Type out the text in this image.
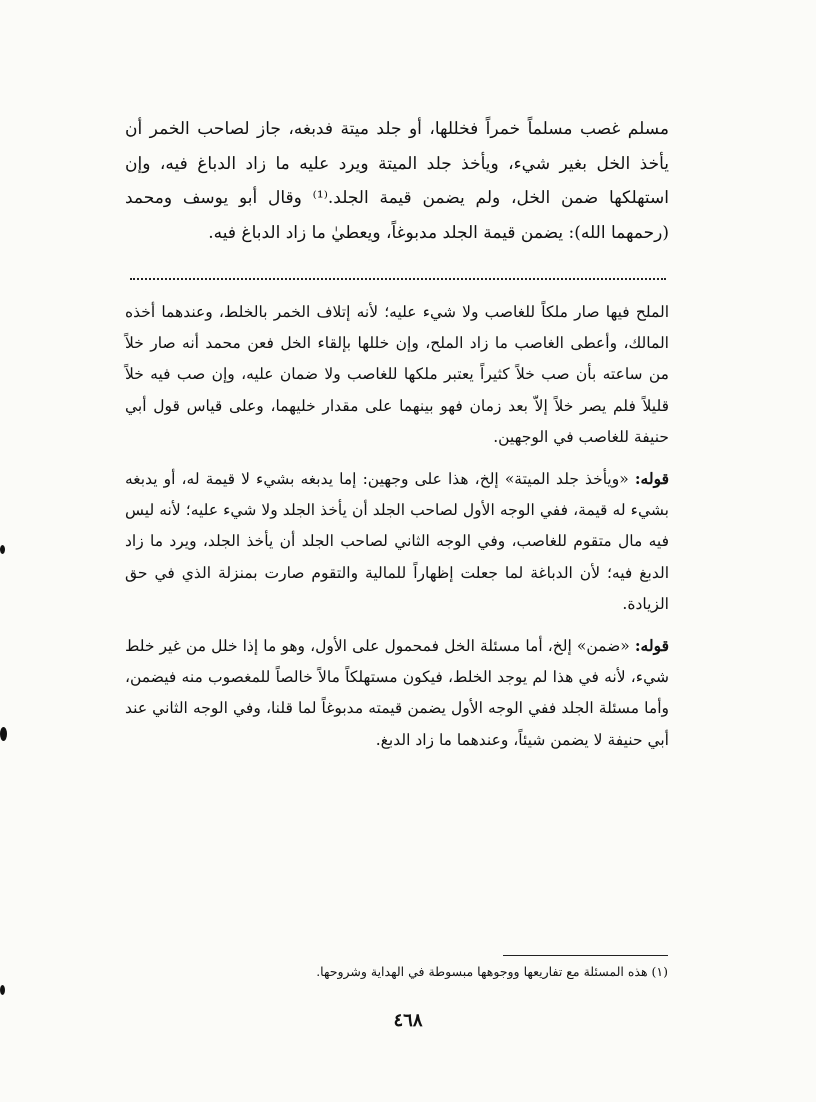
مسلم غصب مسلماً خمراً فخللها، أو جلد ميتة فدبغه، جاز لصاحب الخمر أن يأخذ الخل بغير شيء، ويأخذ جلد الميتة ويرد عليه ما زاد الدباغ فيه، وإن استهلكها ضمن الخل، ولم يضمن قيمة الجلد.⁽¹⁾ وقال أبو يوسف ومحمد (رحمهما الله): يضمن قيمة الجلد مدبوغاً، ويعطيٰ ما زاد الدباغ فيه.

الملح فيها صار ملكاً للغاصب ولا شيء عليه؛ لأنه إتلاف الخمر بالخلط، وعندهما أخذه المالك، وأعطى الغاصب ما زاد الملح، وإن خللها بإلقاء الخل فعن محمد أنه صار خلاً من ساعته بأن صب خلاً كثيراً يعتبر ملكها للغاصب ولا ضمان عليه، وإن صب فيه خلاً قليلاً فلم يصر خلاً إلاّ بعد زمان فهو بينهما على مقدار خليهما، وعلى قياس قول أبي حنيفة للغاصب في الوجهين.

قوله: «ويأخذ جلد الميتة» إلخ، هذا على وجهين: إما يدبغه بشيء لا قيمة له، أو يدبغه بشيء له قيمة، ففي الوجه الأول لصاحب الجلد أن يأخذ الجلد ولا شيء عليه؛ لأنه ليس فيه مال متقوم للغاصب، وفي الوجه الثاني لصاحب الجلد أن يأخذ الجلد، ويرد ما زاد الدبغ فيه؛ لأن الدباغة لما جعلت إظهاراً للمالية والتقوم صارت بمنزلة الذي في حق الزيادة.

قوله: «ضمن» إلخ، أما مسئلة الخل فمحمول على الأول، وهو ما إذا خلل من غير خلط شيء، لأنه في هذا لم يوجد الخلط، فيكون مستهلكاً مالاً خالصاً للمغصوب منه فيضمن، وأما مسئلة الجلد ففي الوجه الأول يضمن قيمته مدبوغاً لما قلنا، وفي الوجه الثاني عند أبي حنيفة لا يضمن شيئاً، وعندهما ما زاد الدبغ.

(١) هذه المسئلة مع تفاريعها ووجوهها مبسوطة في الهداية وشروحها.
٤٦٨
